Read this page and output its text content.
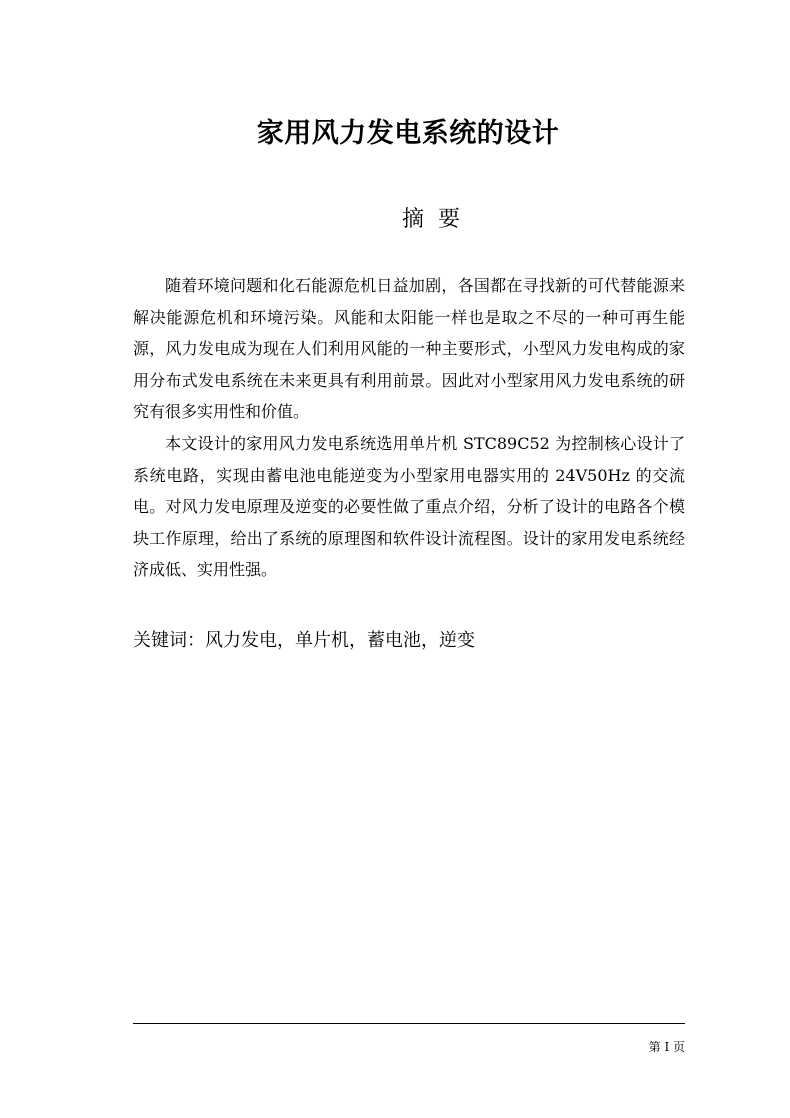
家用风力发电系统的设计
摘要

随着环境问题和化石能源危机日益加剧，各国都在寻找新的可代替能源来解决能源危机和环境污染。风能和太阳能一样也是取之不尽的一种可再生能源，风力发电成为现在人们利用风能的一种主要形式，小型风力发电构成的家用分布式发电系统在未来更具有利用前景。因此对小型家用风力发电系统的研究有很多实用性和价值。

本文设计的家用风力发电系统选用单片机 STC89C52 为控制核心设计了系统电路，实现由蓄电池电能逆变为小型家用电器实用的 24V50Hz 的交流电。对风力发电原理及逆变的必要性做了重点介绍，分析了设计的电路各个模块工作原理，给出了系统的原理图和软件设计流程图。设计的家用发电系统经济成低、实用性强。

关键词：风力发电，单片机，蓄电池，逆变
第 I 页
